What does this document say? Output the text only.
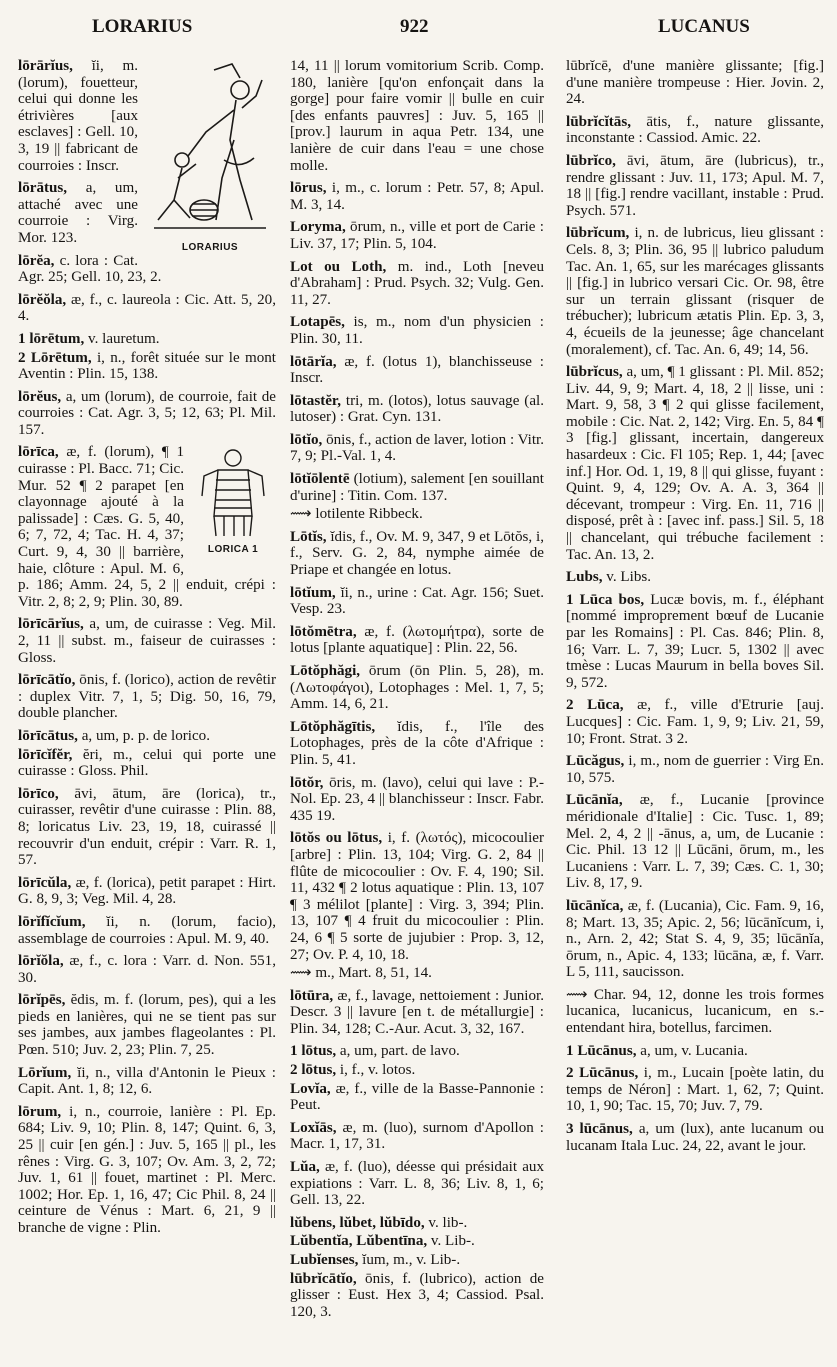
LORARIUS	922	LUCANUS
LORARIUS
lōrārĭus, ĭi, m. (lorum), fouetteur, celui qui donne les étrivières [aux esclaves] : Gell. 10, 3, 19 || fabricant de courroies : Inscr.
lōrātus, a, um, attaché avec une courroie : Virg. Mor. 123.
lōrĕa, c. lora : Cat. Agr. 25; Gell. 10, 23, 2.
lōrĕŏla, æ, f., c. laureola : Cic. Att. 5, 20, 4.
1 lōrētum, v. lauretum.
2 Lōrētum, i, n., forêt située sur le mont Aventin : Plin. 15, 138.
lōrĕus, a, um (lorum), de courroie, fait de courroies : Cat. Agr. 3, 5; 12, 63; Pl. Mil. 157.
LORICA 1
lōrīca, æ, f. (lorum), ¶ 1 cuirasse : Pl. Bacc. 71; Cic. Mur. 52 ¶ 2 parapet [en clayonnage ajouté à la palissade] : Cæs. G. 5, 40, 6; 7, 72, 4; Tac. H. 4, 37; Curt. 9, 4, 30 || barrière, haie, clôture : Apul. M. 6, p. 186; Amm. 24, 5, 2 || enduit, crépi : Vitr. 2, 8; 2, 9; Plin. 30, 89.
lōrīcārĭus, a, um, de cuirasse : Veg. Mil. 2, 11 || subst. m., faiseur de cuirasses : Gloss.
lōrīcātĭo, ōnis, f. (lorico), action de revêtir : duplex Vitr. 7, 1, 5; Dig. 50, 16, 79, double plancher.
lōrīcātus, a, um, p. p. de lorico.
lōrīcĭfĕr, ĕri, m., celui qui porte une cuirasse : Gloss. Phil.
lōrīco, āvi, ātum, āre (lorica), tr., cuirasser, revêtir d'une cuirasse : Plin. 88, 8; loricatus Liv. 23, 19, 18, cuirassé || recouvrir d'un enduit, crépir : Varr. R. 1, 57.
lōrīcŭla, æ, f. (lorica), petit parapet : Hirt. G. 8, 9, 3; Veg. Mil. 4, 28.
lōrĭfĭcĭum, ĭi, n. (lorum, facio), assemblage de courroies : Apul. M. 9, 40.
lōrĭŏla, æ, f., c. lora : Varr. d. Non. 551, 30.
lōrĭpēs, ĕdis, m. f. (lorum, pes), qui a les pieds en lanières, qui ne se tient pas sur ses jambes, aux jambes flageolantes : Pl. Pœn. 510; Juv. 2, 23; Plin. 7, 25.
Lōrĭum, ĭi, n., villa d'Antonin le Pieux : Capit. Ant. 1, 8; 12, 6.
lōrum, i, n., courroie, lanière : Pl. Ep. 684; Liv. 9, 10; Plin. 8, 147; Quint. 6, 3, 25 || cuir [en gén.] : Juv. 5, 165 || pl., les rênes : Virg. G. 3, 107; Ov. Am. 3, 2, 72; Juv. 1, 61 || fouet, martinet : Pl. Merc. 1002; Hor. Ep. 1, 16, 47; Cic Phil. 8, 24 || ceinture de Vénus : Mart. 6, 21, 9 || branche de vigne : Plin.
14, 11 || lorum vomitorium Scrib. Comp. 180, lanière [qu'on enfonçait dans la gorge] pour faire vomir || bulle en cuir [des enfants pauvres] : Juv. 5, 165 || [prov.] laurum in aqua Petr. 134, une lanière de cuir dans l'eau = une chose molle.
lōrus, i, m., c. lorum : Petr. 57, 8; Apul. M. 3, 14.
Loryma, ōrum, n., ville et port de Carie : Liv. 37, 17; Plin. 5, 104.
Lot ou Loth, m. ind., Loth [neveu d'Abraham] : Prud. Psych. 32; Vulg. Gen. 11, 27.
Lotapēs, is, m., nom d'un physicien : Plin. 30, 11.
lōtārĭa, æ, f. (lotus 1), blanchisseuse : Inscr.
lōtastĕr, tri, m. (lotos), lotus sauvage (al. lutoser) : Grat. Cyn. 131.
lōtĭo, ōnis, f., action de laver, lotion : Vitr. 7, 9; Pl.-Val. 1, 4.
lōtĭōlentē (lotium), salement [en souillant d'urine] : Titin. Com. 137.
⟿ lotilente Ribbeck.
Lōtĭs, ĭdis, f., Ov. M. 9, 347, 9 et Lōtŏs, i, f., Serv. G. 2, 84, nymphe aimée de Priape et changée en lotus.
lōtĭum, ĭi, n., urine : Cat. Agr. 156; Suet. Vesp. 23.
lōtŏmētra, æ, f. (λωτομήτρα), sorte de lotus [plante aquatique] : Plin. 22, 56.
Lōtŏphăgi, ōrum (ōn Plin. 5, 28), m. (Λωτοφάγοι), Lotophages : Mel. 1, 7, 5; Amm. 14, 6, 21.
Lōtŏphăgītis, ĭdis, f., l'île des Lotophages, près de la côte d'Afrique : Plin. 5, 41.
lōtŏr, ōris, m. (lavo), celui qui lave : P.-Nol. Ep. 23, 4 || blanchisseur : Inscr. Fabr. 435 19.
lōtŏs ou lōtus, i, f. (λωτός), micocoulier [arbre] : Plin. 13, 104; Virg. G. 2, 84 || flûte de micocoulier : Ov. F. 4, 190; Sil. 11, 432 ¶ 2 lotus aquatique : Plin. 13, 107 ¶ 3 mélilot [plante] : Virg. 3, 394; Plin. 13, 107 ¶ 4 fruit du micocoulier : Plin. 24, 6 ¶ 5 sorte de jujubier : Prop. 3, 12, 27; Ov. P. 4, 10, 18.
⟿ m., Mart. 8, 51, 14.
lōtūra, æ, f., lavage, nettoiement : Junior. Descr. 3 || lavure [en t. de métallurgie] : Plin. 34, 128; C.-Aur. Acut. 3, 32, 167.
1 lōtus, a, um, part. de lavo.
2 lōtus, i, f., v. lotos.
Lovĭa, æ, f., ville de la Basse-Pannonie : Peut.
Loxĭās, æ, m. (luo), surnom d'Apollon : Macr. 1, 17, 31.
Lŭa, æ, f. (luo), déesse qui présidait aux expiations : Varr. L. 8, 36; Liv. 8, 1, 6; Gell. 13, 22.
lŭbens, lŭbet, lŭbīdo, v. lib-.
Lŭbentĭa, Lŭbentīna, v. Lib-.
Lubĭenses, ĭum, m., v. Lib-.
lūbrĭcātĭo, ōnis, f. (lubrico), action de glisser : Eust. Hex 3, 4; Cassiod. Psal. 120, 3.
lūbrĭcē, d'une manière glissante; [fig.] d'une manière trompeuse : Hier. Jovin. 2, 24.
lūbrĭcĭtās, ātis, f., nature glissante, inconstante : Cassiod. Amic. 22.
lūbrĭco, āvi, ātum, āre (lubricus), tr., rendre glissant : Juv. 11, 173; Apul. M. 7, 18 || [fig.] rendre vacillant, instable : Prud. Psych. 571.
lūbrĭcum, i, n. de lubricus, lieu glissant : Cels. 8, 3; Plin. 36, 95 || lubrico paludum Tac. An. 1, 65, sur les marécages glissants || [fig.] in lubrico versari Cic. Or. 98, être sur un terrain glissant (risquer de trébucher); lubricum ætatis Plin. Ep. 3, 3, 4, écueils de la jeunesse; âge chancelant (moralement), cf. Tac. An. 6, 49; 14, 56.
lūbrĭcus, a, um, ¶ 1 glissant : Pl. Mil. 852; Liv. 44, 9, 9; Mart. 4, 18, 2 || lisse, uni : Mart. 9, 58, 3 ¶ 2 qui glisse facilement, mobile : Cic. Nat. 2, 142; Virg. En. 5, 84 ¶ 3 [fig.] glissant, incertain, dangereux hasardeux : Cic. Fl 105; Rep. 1, 44; [avec inf.] Hor. Od. 1, 19, 8 || qui glisse, fuyant : Quint. 9, 4, 129; Ov. A. A. 3, 364 || décevant, trompeur : Virg. En. 11, 716 || disposé, prêt à : [avec inf. pass.] Sil. 5, 18 || chancelant, qui trébuche facilement : Tac. An. 13, 2.
Lubs, v. Libs.
1 Lūca bos, Lucæ bovis, m. f., éléphant [nommé improprement bœuf de Lucanie par les Romains] : Pl. Cas. 846; Plin. 8, 16; Varr. L. 7, 39; Lucr. 5, 1302 || avec tmèse : Lucas Maurum in bella boves Sil. 9, 572.
2 Lūca, æ, f., ville d'Etrurie [auj. Lucques] : Cic. Fam. 1, 9, 9; Liv. 21, 59, 10; Front. Strat. 3 2.
Lūcăgus, i, m., nom de guerrier : Virg En. 10, 575.
Lūcānĭa, æ, f., Lucanie [province méridionale d'Italie] : Cic. Tusc. 1, 89; Mel. 2, 4, 2 || -ānus, a, um, de Lucanie : Cic. Phil. 13 12 || Lūcāni, ōrum, m., les Lucaniens : Varr. L. 7, 39; Cæs. C. 1, 30; Liv. 8, 17, 9.
lūcānĭca, æ, f. (Lucania), Cic. Fam. 9, 16, 8; Mart. 13, 35; Apic. 2, 56; lūcānĭcum, i, n., Arn. 2, 42; Stat S. 4, 9, 35; lūcānĭa, ōrum, n., Apic. 4, 133; lūcāna, æ, f. Varr. L 5, 111, saucisson.
⟿ Char. 94, 12, donne les trois formes lucanica, lucanicus, lucanicum, en s.-entendant hira, botellus, farcimen.
1 Lūcānus, a, um, v. Lucania.
2 Lūcānus, i, m., Lucain [poète latin, du temps de Néron] : Mart. 1, 62, 7; Quint. 10, 1, 90; Tac. 15, 70; Juv. 7, 79.
3 lūcānus, a, um (lux), ante lucanum ou lucanam Itala Luc. 24, 22, avant le jour.
